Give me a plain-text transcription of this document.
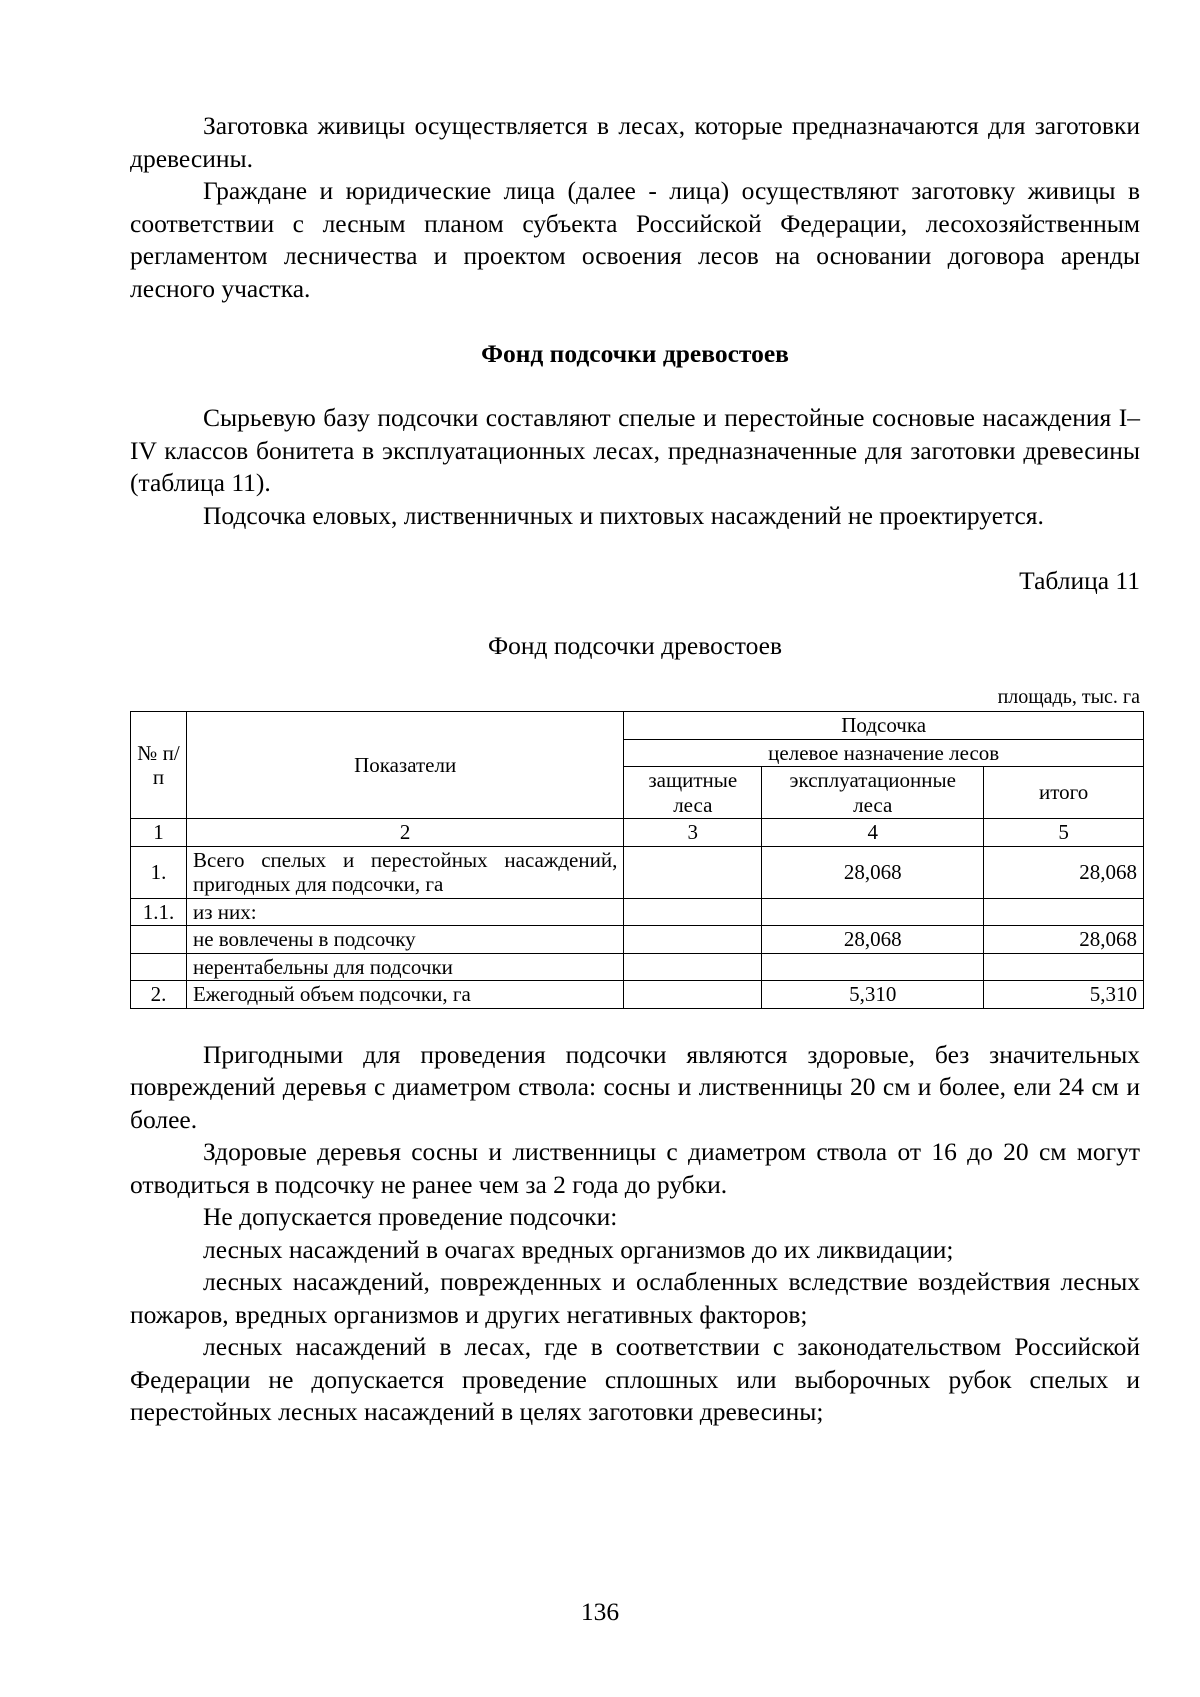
Заготовка живицы осуществляется в лесах, которые предназначаются для заготовки древесины.

Граждане и юридические лица (далее - лица) осуществляют заготовку живицы в соответствии с лесным планом субъекта Российской Федерации, лесохозяйственным регламентом лесничества и проектом освоения лесов на основании договора аренды лесного участка.

Фонд подсочки древостоев

Сырьевую базу подсочки составляют спелые и перестойные сосновые насаждения I–IV классов бонитета в эксплуатационных лесах, предназначенные для заготовки древесины (таблица 11).

Подсочка еловых, лиственничных и пихтовых насаждений не проектируется.

Таблица 11
Фонд подсочки древостоев
площадь, тыс. га
№ п/п	Показатели	Подсочка		
		целевое назначение лесов		
		защитные леса	эксплуатационные леса	итого
1	2	3	4	5
1.	Всего спелых и перестойных насаждений, пригодных для подсочки, га		28,068	28,068
1.1.	из них:			
	не вовлечены в подсочку		28,068	28,068
	нерентабельны для подсочки			
2.	Ежегодный объем подсочки, га		5,310	5,310

Пригодными для проведения подсочки являются здоровые, без значительных повреждений деревья с диаметром ствола: сосны и лиственницы 20 см и более, ели 24 см и более.

Здоровые деревья сосны и лиственницы с диаметром ствола от 16 до 20 см могут отводиться в подсочку не ранее чем за 2 года до рубки.

Не допускается проведение подсочки:

лесных насаждений в очагах вредных организмов до их ликвидации;

лесных насаждений, поврежденных и ослабленных вследствие воздействия лесных пожаров, вредных организмов и других негативных факторов;

лесных насаждений в лесах, где в соответствии с законодательством Российской Федерации не допускается проведение сплошных или выборочных рубок спелых и перестойных лесных насаждений в целях заготовки древесины;

136
